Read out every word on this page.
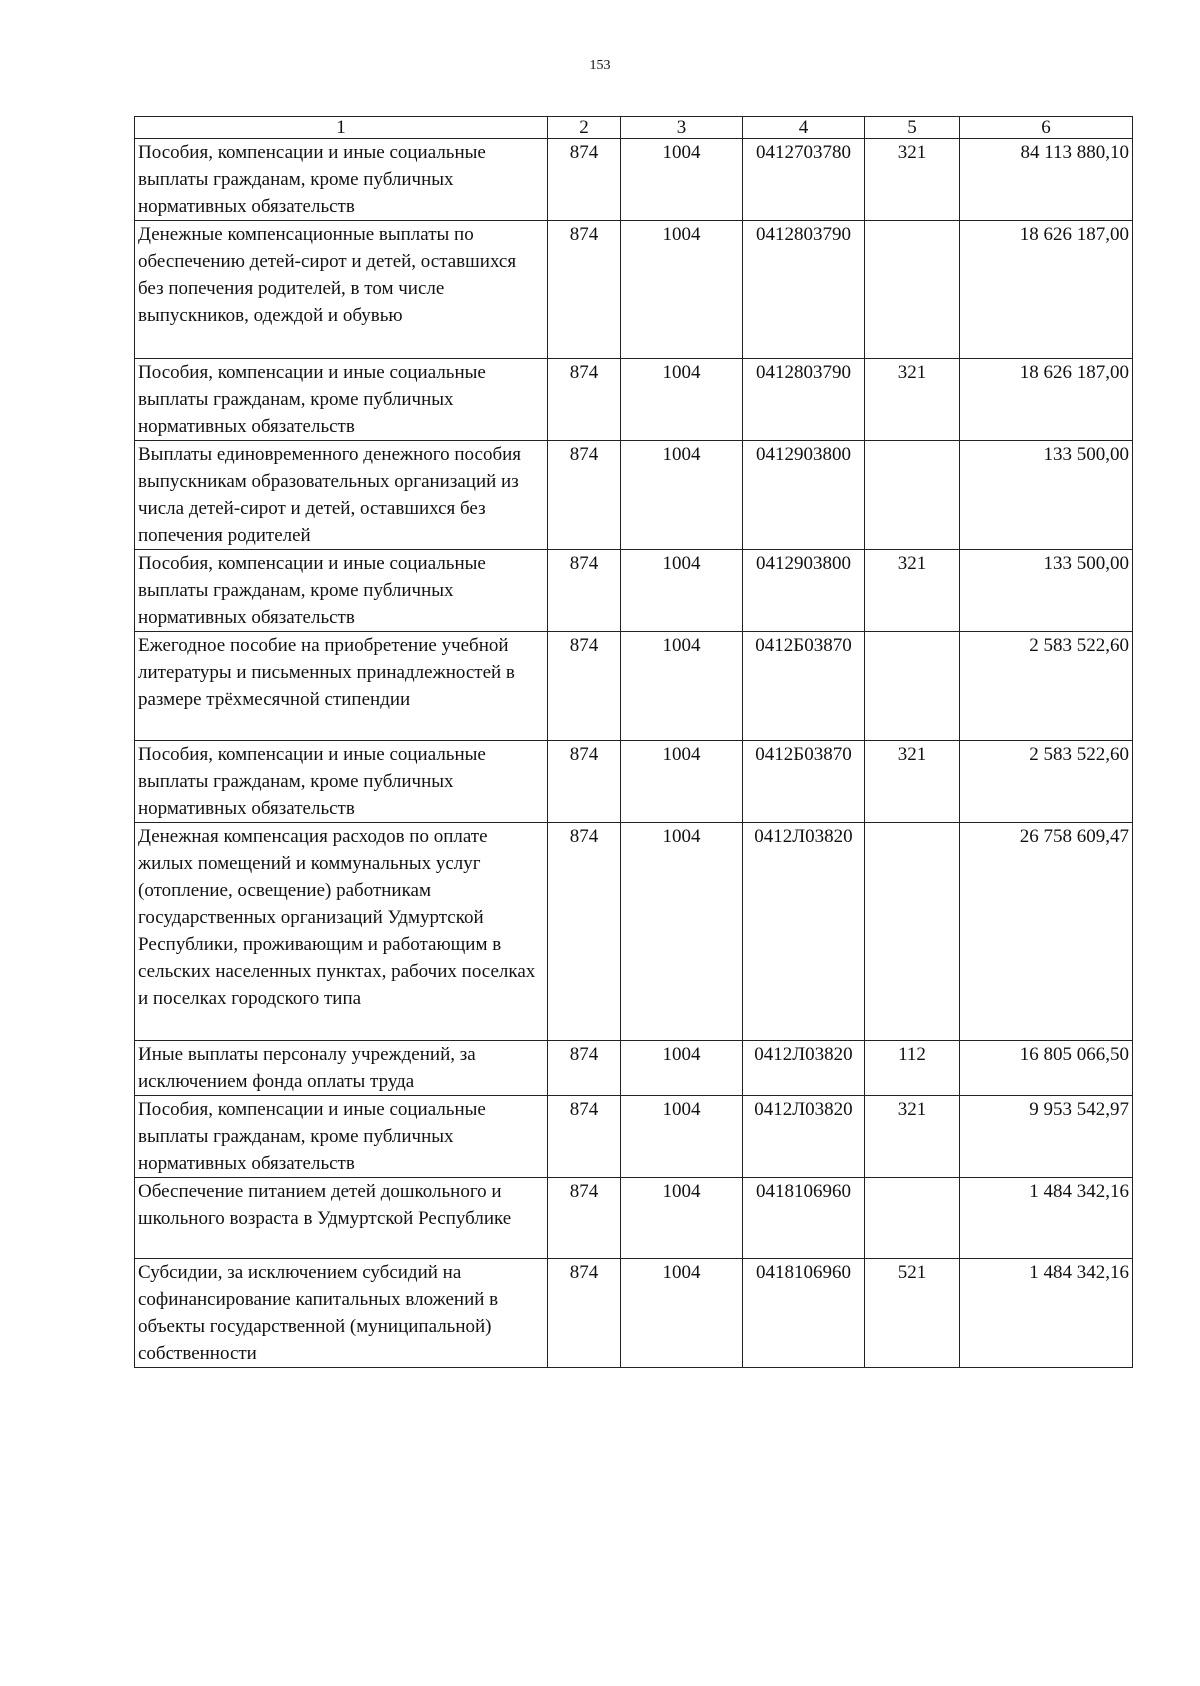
153
1	2	3	4	5	6
Пособия, компенсации и иные социальные выплаты гражданам, кроме публичных нормативных обязательств	874	1004	0412703780	321	84 113 880,10
Денежные компенсационные выплаты по обеспечению детей-сирот и детей, оставшихся без попечения родителей, в том числе выпускников, одеждой и обувью	874	1004	0412803790		18 626 187,00
Пособия, компенсации и иные социальные выплаты гражданам, кроме публичных нормативных обязательств	874	1004	0412803790	321	18 626 187,00
Выплаты единовременного денежного пособия выпускникам образовательных организаций из числа детей-сирот и детей, оставшихся без попечения родителей	874	1004	0412903800		133 500,00
Пособия, компенсации и иные социальные выплаты гражданам, кроме публичных нормативных обязательств	874	1004	0412903800	321	133 500,00
Ежегодное пособие на приобретение учебной литературы и письменных принадлежностей в размере трёхмесячной стипендии	874	1004	0412Б03870		2 583 522,60
Пособия, компенсации и иные социальные выплаты гражданам, кроме публичных нормативных обязательств	874	1004	0412Б03870	321	2 583 522,60
Денежная компенсация расходов по оплате жилых помещений и коммунальных услуг (отопление, освещение) работникам государственных организаций Удмуртской Республики, проживающим и работающим в сельских населенных пунктах, рабочих поселках и поселках городского типа	874	1004	0412Л03820		26 758 609,47
Иные выплаты персоналу учреждений, за исключением фонда оплаты труда	874	1004	0412Л03820	112	16 805 066,50
Пособия, компенсации и иные социальные выплаты гражданам, кроме публичных нормативных обязательств	874	1004	0412Л03820	321	9 953 542,97
Обеспечение питанием детей дошкольного и школьного возраста в Удмуртской Республике	874	1004	0418106960		1 484 342,16
Субсидии, за исключением субсидий на софинансирование капитальных вложений в объекты государственной (муниципальной) собственности	874	1004	0418106960	521	1 484 342,16
